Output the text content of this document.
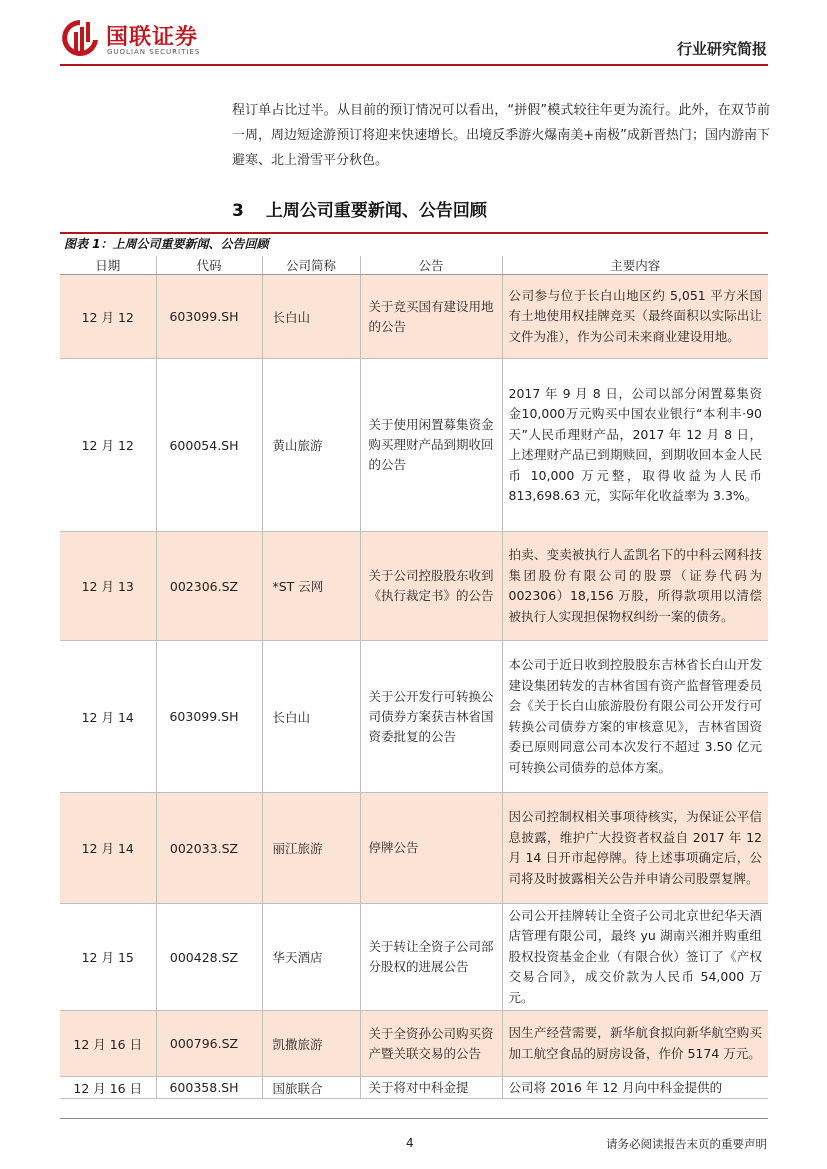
国联证券
GUOLIAN SECURITIES	行业研究简报

程订单占比过半。从目前的预订情况可以看出，“拼假”模式较往年更为流行。此外，在双节前一周，周边短途游预订将迎来快速增长。出境反季游火爆南美+南极”成新晋热门；国内游南下避寒、北上滑雪平分秋色。

3 上周公司重要新闻、公告回顾
图表 1：上周公司重要新闻、公告回顾
日期	代码	公司简称	公告	主要内容
12 月 12	603099.SH	长白山	关于竞买国有建设用地的公告	公司参与位于长白山地区约 5,051 平方米国有土地使用权挂牌竞买（最终面积以实际出让文件为准），作为公司未来商业建设用地。
12 月 12	600054.SH	黄山旅游	关于使用闲置募集资金购买理财产品到期收回的公告	2017 年 9 月 8 日，公司以部分闲置募集资金10,000万元购买中国农业银行“本利丰·90 天”人民币理财产品，2017 年 12 月 8 日，上述理财产品已到期赎回，到期收回本金人民币 10,000 万元整，取得收益为人民币 813,698.63 元，实际年化收益率为 3.3%。
12 月 13	002306.SZ	*ST 云网	关于公司控股股东收到《执行裁定书》的公告	拍卖、变卖被执行人孟凯名下的中科云网科技集团股份有限公司的股票（证券代码为 002306）18,156 万股，所得款项用以清偿被执行人实现担保物权纠纷一案的债务。
12 月 14	603099.SH	长白山	关于公开发行可转换公司债券方案获吉林省国资委批复的公告	本公司于近日收到控股股东吉林省长白山开发建设集团转发的吉林省国有资产监督管理委员会《关于长白山旅游股份有限公司公开发行可转换公司债券方案的审核意见》，吉林省国资委已原则同意公司本次发行不超过 3.50 亿元可转换公司债券的总体方案。
12 月 14	002033.SZ	丽江旅游	停牌公告	因公司控制权相关事项待核实，为保证公平信息披露，维护广大投资者权益自 2017 年 12 月 14 日开市起停牌。待上述事项确定后，公司将及时披露相关公告并申请公司股票复牌。
12 月 15	000428.SZ	华天酒店	关于转让全资子公司部分股权的进展公告	公司公开挂牌转让全资子公司北京世纪华天酒店管理有限公司，最终 yu 湖南兴湘并购重组股权投资基金企业（有限合伙）签订了《产权交易合同》，成交价款为人民币 54,000 万元。
12 月 16 日	000796.SZ	凯撒旅游	关于全资孙公司购买资产暨关联交易的公告	因生产经营需要，新华航食拟向新华航空购买加工航空食品的厨房设备，作价 5174 万元。
12 月 16 日	600358.SH	国旅联合	关于将对中科金提	公司将 2016 年 12 月向中科金提供的
4	请务必阅读报告末页的重要声明
